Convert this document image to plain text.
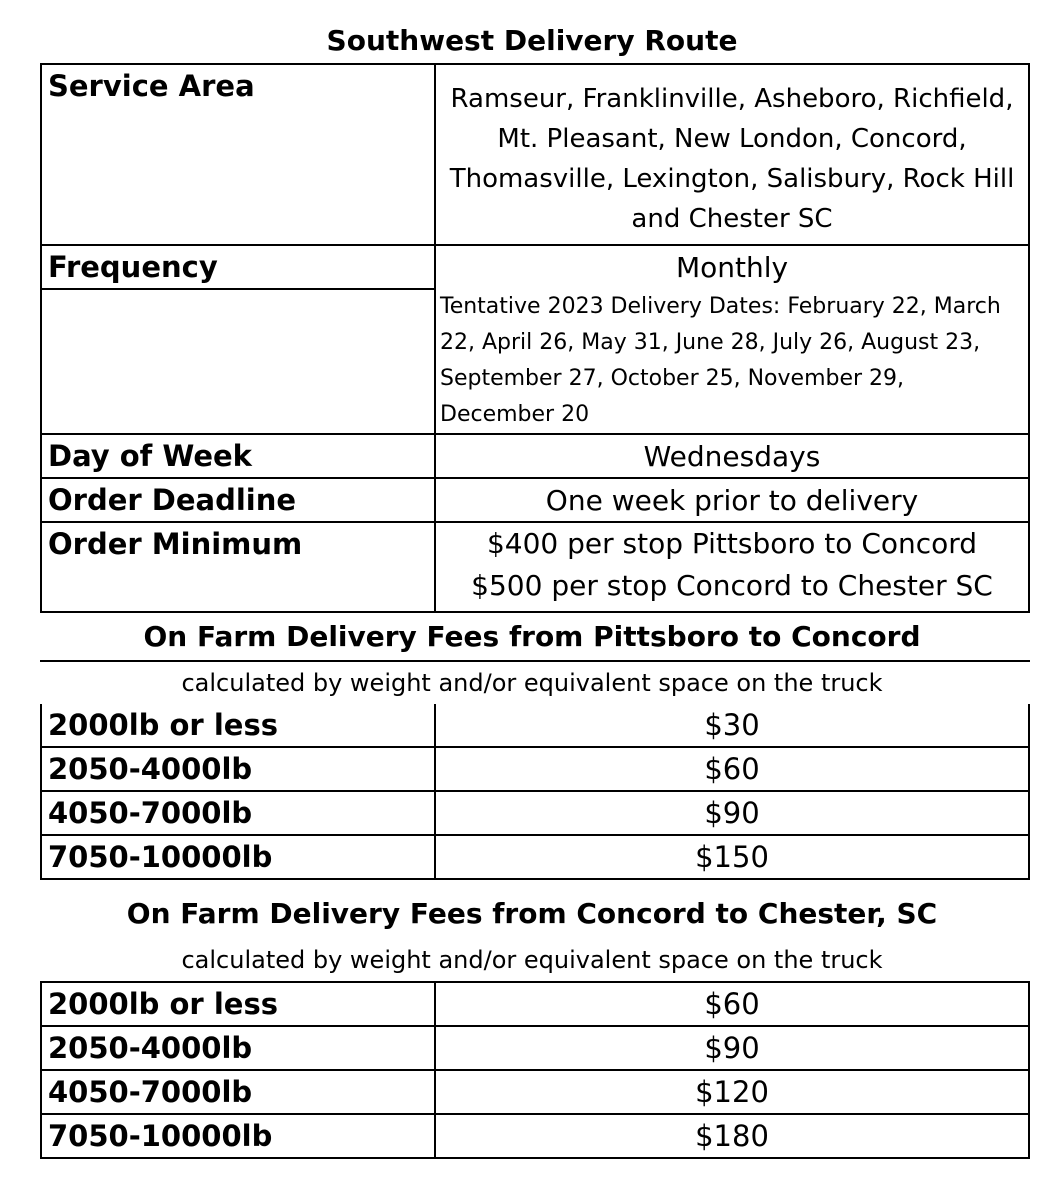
Southwest Delivery Route
Service Area	Ramseur, Franklinville, Asheboro, Richfield,
Mt. Pleasant, New London, Concord,
Thomasville, Lexington, Salisbury, Rock Hill
and Chester SC

Frequency	Monthly

	Tentative 2023 Delivery Dates: February 22, March
22, April 26, May 31, June 28, July 26, August 23,
September 27, October 25, November 29,
December 20

Day of Week	Wednesdays
Order Deadline	One week prior to delivery
Order Minimum	$400 per stop Pittsboro to Concord
$500 per stop Concord to Chester SC
On Farm Delivery Fees from Pittsboro to Concord
calculated by weight and/or equivalent space on the truck
2000lb or less	$30
2050-4000lb	$60
4050-7000lb	$90
7050-10000lb	$150
On Farm Delivery Fees from Concord to Chester, SC
calculated by weight and/or equivalent space on the truck
2000lb or less	$60
2050-4000lb	$90
4050-7000lb	$120
7050-10000lb	$180
